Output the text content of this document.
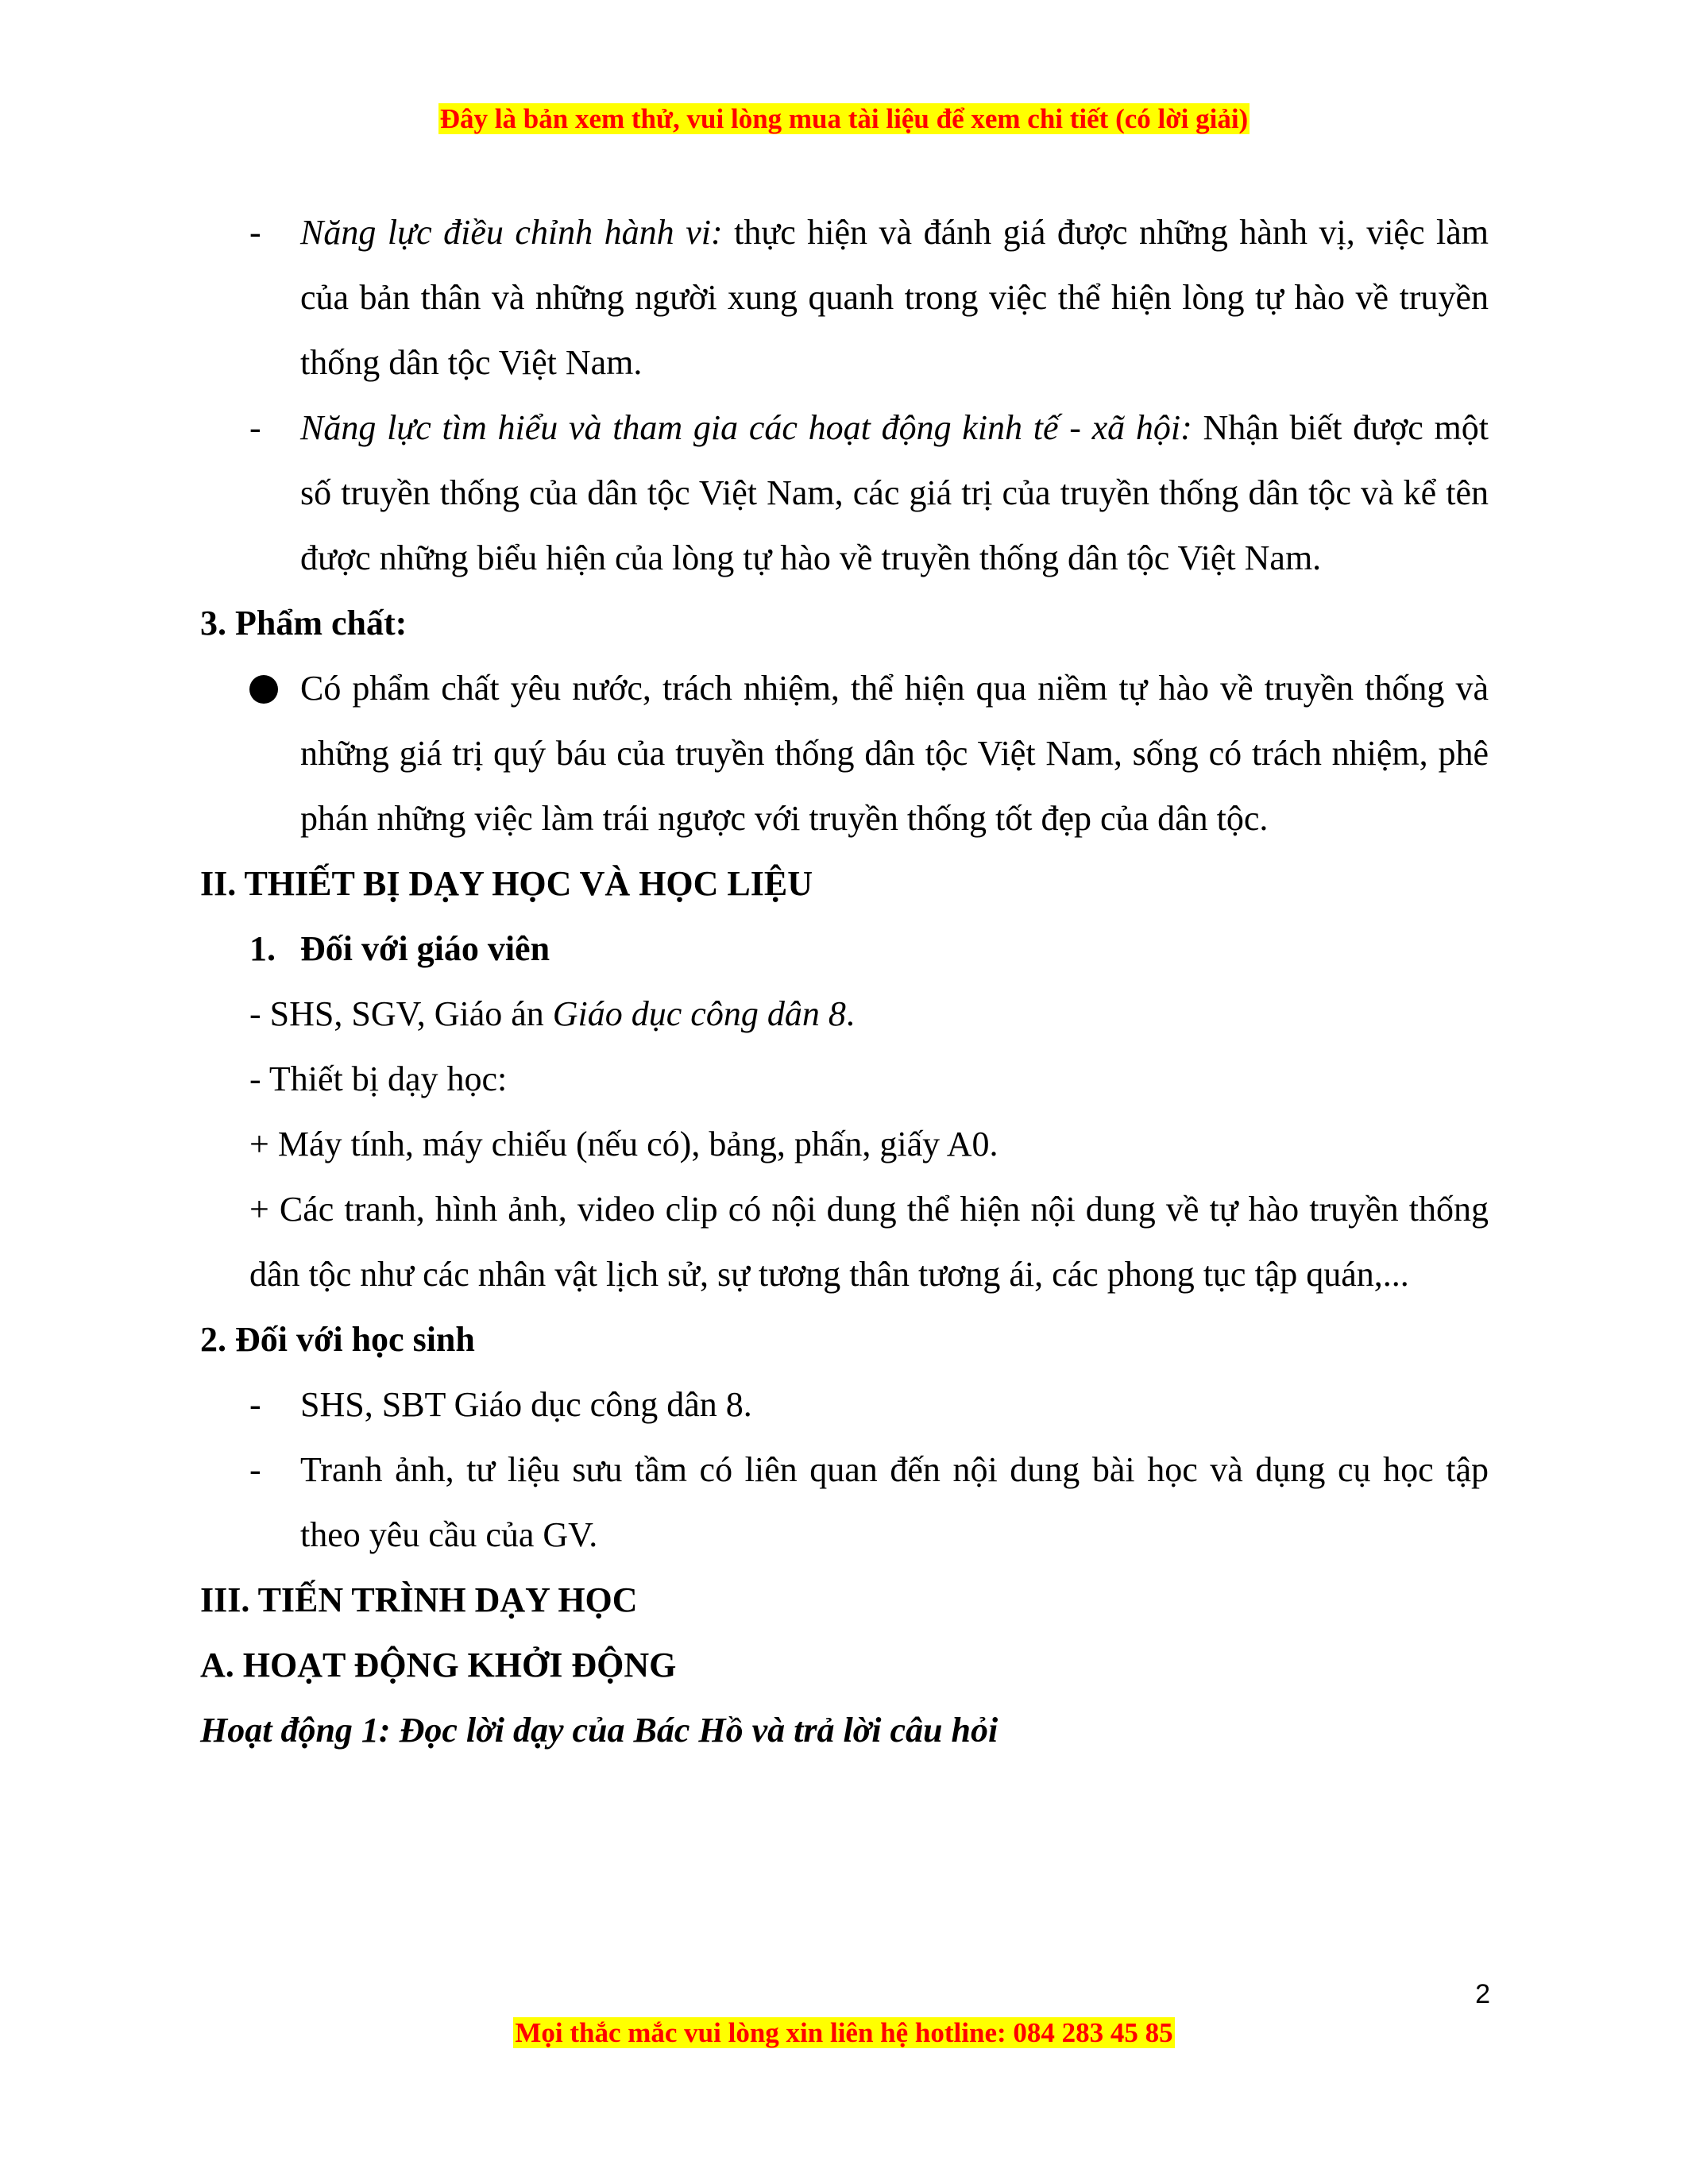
Đây là bản xem thử, vui lòng mua tài liệu để xem chi tiết (có lời giải)
- Năng lực điều chỉnh hành vi: thực hiện và đánh giá được những hành vị, việc làm của bản thân và những người xung quanh trong việc thể hiện lòng tự hào về truyền thống dân tộc Việt Nam.
- Năng lực tìm hiểu và tham gia các hoạt động kinh tế - xã hội: Nhận biết được một số truyền thống của dân tộc Việt Nam, các giá trị của truyền thống dân tộc và kể tên được những biểu hiện của lòng tự hào về truyền thống dân tộc Việt Nam.
3. Phẩm chất:
Có phẩm chất yêu nước, trách nhiệm, thể hiện qua niềm tự hào về truyền thống và những giá trị quý báu của truyền thống dân tộc Việt Nam, sống có trách nhiệm, phê phán những việc làm trái ngược với truyền thống tốt đẹp của dân tộc.
II. THIẾT BỊ DẠY HỌC VÀ HỌC LIỆU
1. Đối với giáo viên
- SHS, SGV, Giáo án Giáo dục công dân 8.
- Thiết bị dạy học:
+ Máy tính, máy chiếu (nếu có), bảng, phấn, giấy A0.
+ Các tranh, hình ảnh, video clip có nội dung thể hiện nội dung về tự hào truyền thống dân tộc như các nhân vật lịch sử, sự tương thân tương ái, các phong tục tập quán,...
2. Đối với học sinh
- SHS, SBT Giáo dục công dân 8.
- Tranh ảnh, tư liệu sưu tầm có liên quan đến nội dung bài học và dụng cụ học tập theo yêu cầu của GV.
III. TIẾN TRÌNH DẠY HỌC
A. HOẠT ĐỘNG KHỞI ĐỘNG
Hoạt động 1: Đọc lời dạy của Bác Hồ và trả lời câu hỏi
2
Mọi thắc mắc vui lòng xin liên hệ hotline: 084 283 45 85
